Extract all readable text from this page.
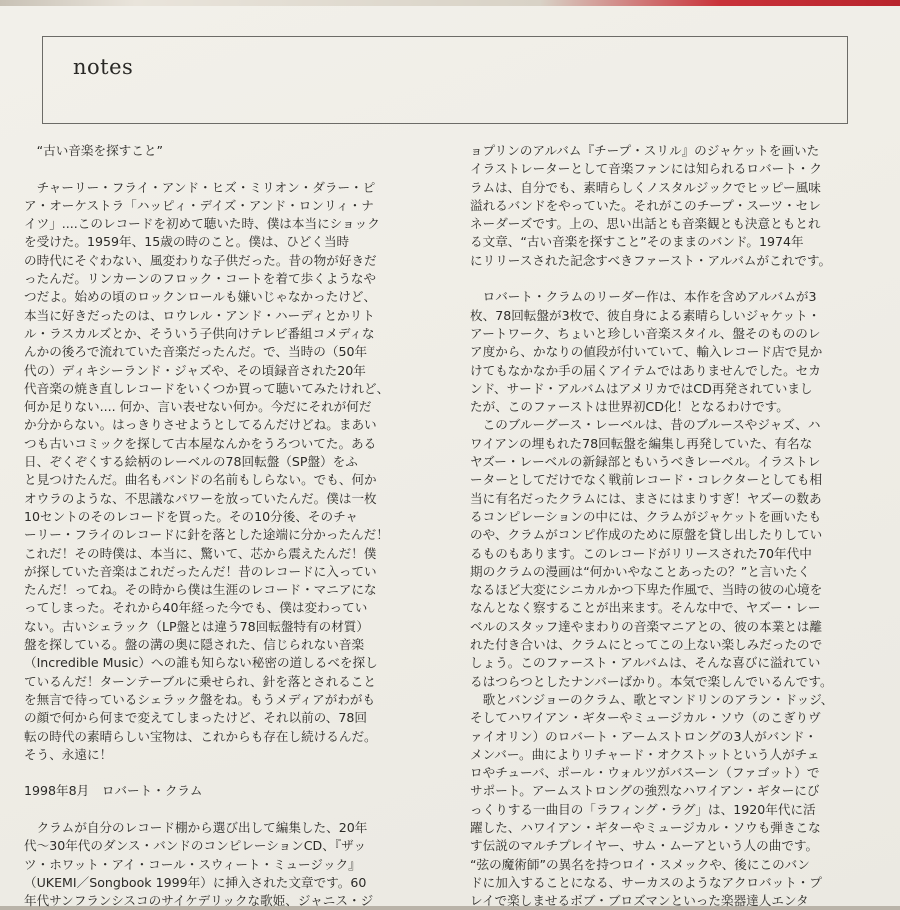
notes
　“古い音楽を探すこと”
　チャーリー・フライ・アンド・ヒズ・ミリオン・ダラー・ピ
ア・オーケストラ「ハッピィ・デイズ・アンド・ロンリィ・ナ
イツ」....このレコードを初めて聴いた時、僕は本当にショック
を受けた。1959年、15歳の時のこと。僕は、ひどく当時
の時代にそぐわない、風変わりな子供だった。昔の物が好きだ
ったんだ。リンカーンのフロック・コートを着て歩くようなや
つだよ。始めの頃のロックンロールも嫌いじゃなかったけど、
本当に好きだったのは、ロウレル・アンド・ハーディとかリト
ル・ラスカルズとか、そういう子供向けテレビ番組コメディな
んかの後ろで流れていた音楽だったんだ。で、当時の（50年
代の）ディキシーランド・ジャズや、その頃録音された20年
代音楽の焼き直しレコードをいくつか買って聴いてみたけれど、
何か足りない.... 何か、言い表せない何か。今だにそれが何だ
か分からない。はっきりさせようとしてるんだけどね。まあい
つも古いコミックを探して古本屋なんかをうろついてた。ある
日、ぞくぞくする絵柄のレーベルの78回転盤（SP盤）をふ
と見つけたんだ。曲名もバンドの名前もしらない。でも、何か
オウラのような、不思議なパワーを放っていたんだ。僕は一枚
10セントのそのレコードを買った。その10分後、そのチャ
ーリー・フライのレコードに針を落とした途端に分かったんだ！
これだ！その時僕は、本当に、驚いて、芯から震えたんだ！僕
が探していた音楽はこれだったんだ！昔のレコードに入ってい
たんだ！ってね。その時から僕は生涯のレコード・マニアにな
ってしまった。それから40年経った今でも、僕は変わってい
ない。古いシェラック（LP盤とは違う78回転盤特有の材質）
盤を探している。盤の溝の奥に隠された、信じられない音楽
（Incredible Music）への誰も知らない秘密の道しるべを探し
ているんだ！ターンテーブルに乗せられ、針を落とされること
を無言で待っているシェラック盤をね。もうメディアがわがも
の顔で何から何まで変えてしまったけど、それ以前の、78回
転の時代の素晴らしい宝物は、これからも存在し続けるんだ。
そう、永遠に！
1998年8月　ロバート・クラム
　クラムが自分のレコード棚から選び出して編集した、20年
代〜30年代のダンス・バンドのコンピレーションCD、『ザッ
ツ・ホワット・アイ・コール・スウィート・ミュージック』
（UKEMI／Songbook 1999年）に挿入された文章です。60
年代サンフランシスコのサイケデリックな歌姫、ジャニス・ジ
ョプリンのアルバム『チープ・スリル』のジャケットを画いた
イラストレーターとして音楽ファンには知られるロバート・ク
ラムは、自分でも、素晴らしくノスタルジックでヒッピー風味
溢れるバンドをやっていた。それがこのチープ・スーツ・セレ
ネーダーズです。上の、思い出話とも音楽観とも決意ともとれ
る文章、“古い音楽を探すこと”そのままのバンド。1974年
にリリースされた記念すべきファースト・アルバムがこれです。
　ロバート・クラムのリーダー作は、本作を含めアルバムが3
枚、78回転盤が3枚で、彼自身による素晴らしいジャケット・
アートワーク、ちょいと珍しい音楽スタイル、盤そのもののレ
ア度から、かなりの値段が付いていて、輸入レコード店で見か
けてもなかなか手の届くアイテムではありませんでした。セカ
ンド、サード・アルバムはアメリカではCD再発されていまし
たが、このファーストは世界初CD化！となるわけです。
　このブルーグース・レーベルは、昔のブルースやジャズ、ハ
ワイアンの埋もれた78回転盤を編集し再発していた、有名な
ヤズー・レーベルの新録部ともいうべきレーベル。イラストレ
ーターとしてだけでなく戦前レコード・コレクターとしても相
当に有名だったクラムには、まさにはまりすぎ！ヤズーの数あ
るコンピレーションの中には、クラムがジャケットを画いたも
のや、クラムがコンピ作成のために原盤を貸し出したりしてい
るものもあります。このレコードがリリースされた70年代中
期のクラムの漫画は“何かいやなことあったの？”と言いたく
なるほど大変にシニカルかつ下卑た作風で、当時の彼の心境を
なんとなく察することが出来ます。そんな中で、ヤズー・レー
ベルのスタッフ達やまわりの音楽マニアとの、彼の本業とは離
れた付き合いは、クラムにとってこの上ない楽しみだったので
しょう。このファースト・アルバムは、そんな喜びに溢れてい
るはつらつとしたナンバーばかり。本気で楽しんでいるんです。
　歌とバンジョーのクラム、歌とマンドリンのアラン・ドッジ、
そしてハワイアン・ギターやミュージカル・ソウ（のこぎりヴ
ァイオリン）のロバート・アームストロングの3人がバンド・
メンバー。曲によりリチャード・オクストットという人がチェ
ロやチューバ、ポール・ウォルツがバスーン（ファゴット）で
サポート。アームストロングの強烈なハワイアン・ギターにび
っくりする一曲目の「ラフィング・ラグ」は、1920年代に活
躍した、ハワイアン・ギターやミュージカル・ソウも弾きこな
す伝説のマルチプレイヤー、サム・ムーアという人の曲です。
“弦の魔術師”の異名を持つロイ・スメックや、後にこのバン
ドに加入することになる、サーカスのようなアクロバット・プ
レイで楽しませるボブ・ブロズマンといった楽器達人エンタ
